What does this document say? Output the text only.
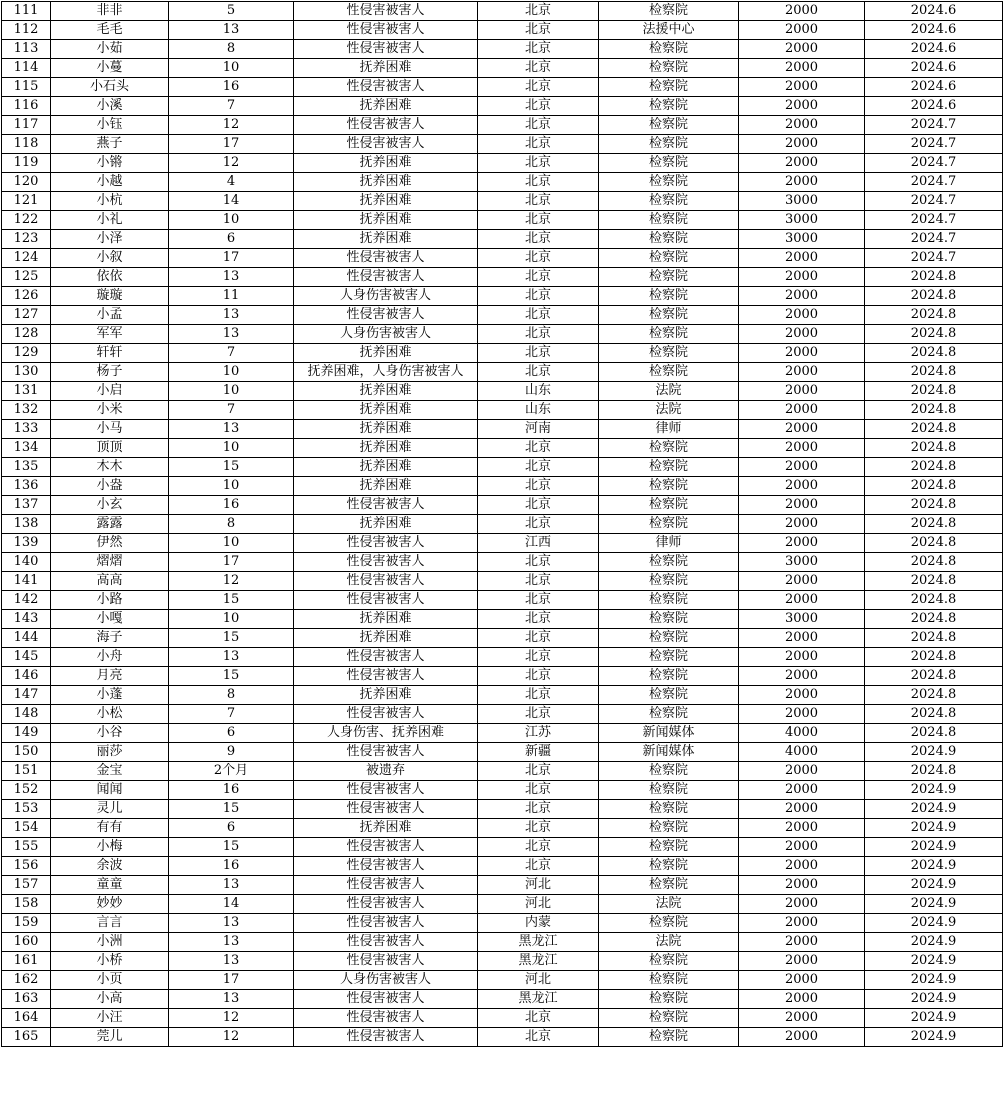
111	非非	5	性侵害被害人	北京	检察院	2000	2024.6
112	毛毛	13	性侵害被害人	北京	法援中心	2000	2024.6
113	小茹	8	性侵害被害人	北京	检察院	2000	2024.6
114	小蔓	10	抚养困难	北京	检察院	2000	2024.6
115	小石头	16	性侵害被害人	北京	检察院	2000	2024.6
116	小溪	7	抚养困难	北京	检察院	2000	2024.6
117	小钰	12	性侵害被害人	北京	检察院	2000	2024.7
118	燕子	17	性侵害被害人	北京	检察院	2000	2024.7
119	小锵	12	抚养困难	北京	检察院	2000	2024.7
120	小越	4	抚养困难	北京	检察院	2000	2024.7
121	小杭	14	抚养困难	北京	检察院	3000	2024.7
122	小礼	10	抚养困难	北京	检察院	3000	2024.7
123	小泽	6	抚养困难	北京	检察院	3000	2024.7
124	小叙	17	性侵害被害人	北京	检察院	2000	2024.7
125	依依	13	性侵害被害人	北京	检察院	2000	2024.8
126	璇璇	11	人身伤害被害人	北京	检察院	2000	2024.8
127	小孟	13	性侵害被害人	北京	检察院	2000	2024.8
128	军军	13	人身伤害被害人	北京	检察院	2000	2024.8
129	轩轩	7	抚养困难	北京	检察院	2000	2024.8
130	杨子	10	抚养困难，人身伤害被害人	北京	检察院	2000	2024.8
131	小启	10	抚养困难	山东	法院	2000	2024.8
132	小米	7	抚养困难	山东	法院	2000	2024.8
133	小马	13	抚养困难	河南	律师	2000	2024.8
134	顶顶	10	抚养困难	北京	检察院	2000	2024.8
135	木木	15	抚养困难	北京	检察院	2000	2024.8
136	小盎	10	抚养困难	北京	检察院	2000	2024.8
137	小玄	16	性侵害被害人	北京	检察院	2000	2024.8
138	露露	8	抚养困难	北京	检察院	2000	2024.8
139	伊然	10	性侵害被害人	江西	律师	2000	2024.8
140	熠熠	17	性侵害被害人	北京	检察院	3000	2024.8
141	高高	12	性侵害被害人	北京	检察院	2000	2024.8
142	小路	15	性侵害被害人	北京	检察院	2000	2024.8
143	小嘎	10	抚养困难	北京	检察院	3000	2024.8
144	海子	15	抚养困难	北京	检察院	2000	2024.8
145	小舟	13	性侵害被害人	北京	检察院	2000	2024.8
146	月亮	15	性侵害被害人	北京	检察院	2000	2024.8
147	小蓬	8	抚养困难	北京	检察院	2000	2024.8
148	小松	7	性侵害被害人	北京	检察院	2000	2024.8
149	小谷	6	人身伤害、抚养困难	江苏	新闻媒体	4000	2024.8
150	丽莎	9	性侵害被害人	新疆	新闻媒体	4000	2024.9
151	金宝	2个月	被遗弃	北京	检察院	2000	2024.8
152	闻闻	16	性侵害被害人	北京	检察院	2000	2024.9
153	灵儿	15	性侵害被害人	北京	检察院	2000	2024.9
154	有有	6	抚养困难	北京	检察院	2000	2024.9
155	小梅	15	性侵害被害人	北京	检察院	2000	2024.9
156	余波	16	性侵害被害人	北京	检察院	2000	2024.9
157	童童	13	性侵害被害人	河北	检察院	2000	2024.9
158	妙妙	14	性侵害被害人	河北	法院	2000	2024.9
159	言言	13	性侵害被害人	内蒙	检察院	2000	2024.9
160	小洲	13	性侵害被害人	黑龙江	法院	2000	2024.9
161	小桥	13	性侵害被害人	黑龙江	检察院	2000	2024.9
162	小页	17	人身伤害被害人	河北	检察院	2000	2024.9
163	小高	13	性侵害被害人	黑龙江	检察院	2000	2024.9
164	小汪	12	性侵害被害人	北京	检察院	2000	2024.9
165	莞儿	12	性侵害被害人	北京	检察院	2000	2024.9
